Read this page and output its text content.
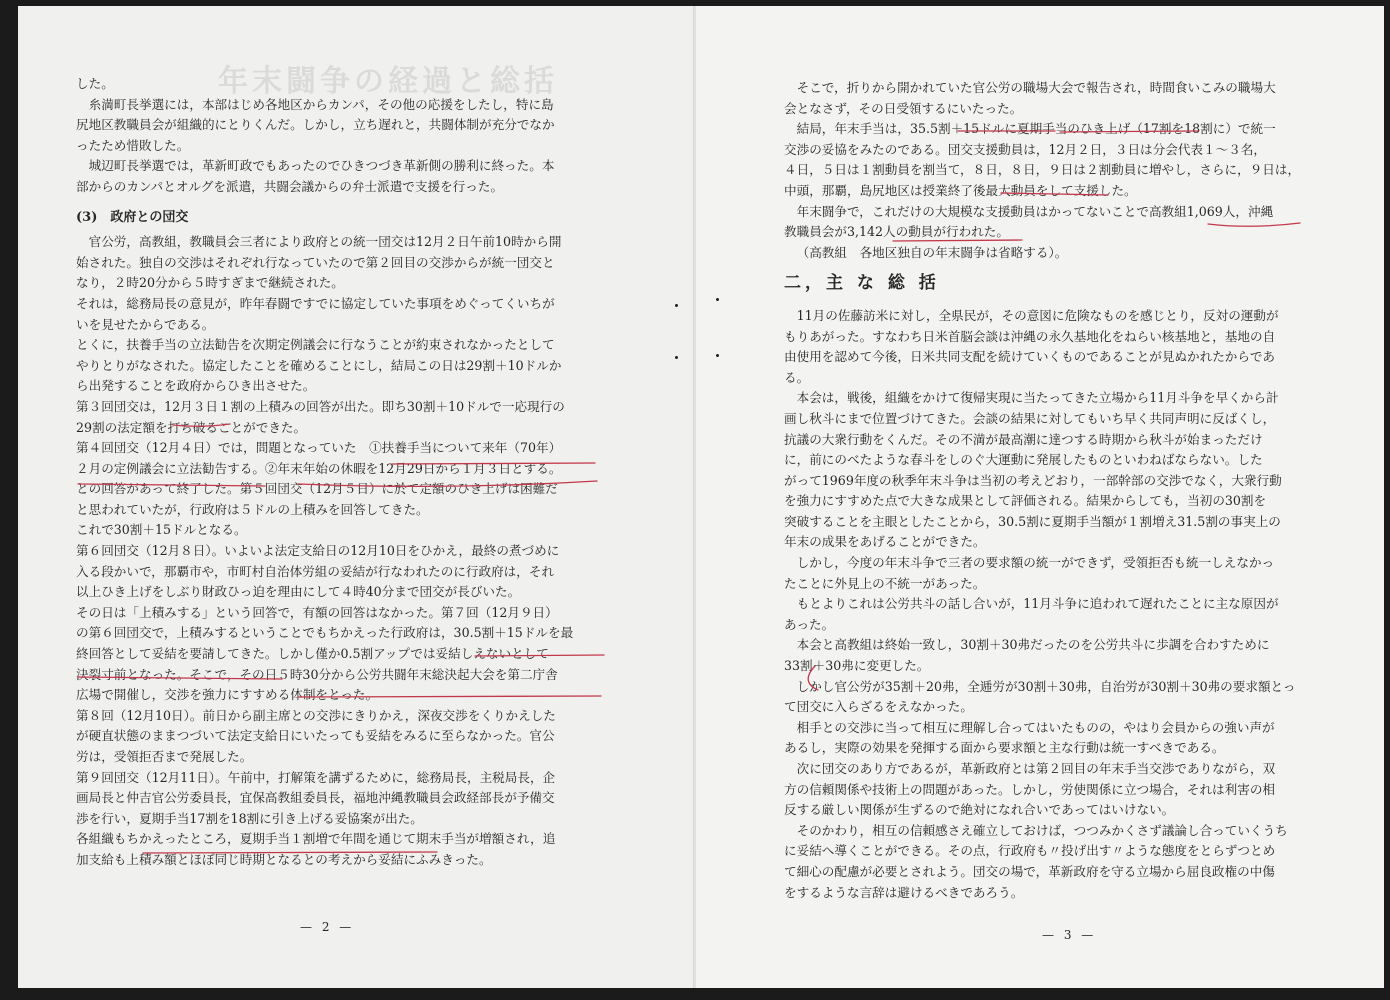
年末闘争の経過と総括

した。

糸満町長挙選には，本部はじめ各地区からカンパ，その他の応援をしたし，特に島

尻地区教職員会が組織的にとりくんだ。しかし，立ち遅れと，共闘体制が充分でなか

ったため惜敗した。

城辺町長挙選では，革新町政でもあったのでひきつづき革新側の勝利に終った。本

部からのカンパとオルグを派遣，共闘会議からの弁士派遣で支援を行った。

(3)　政府との団交

官公労，高教組，教職員会三者により政府との統一団交は12月２日午前10時から開

始された。独自の交渉はそれぞれ行なっていたので第２回目の交渉からが統一団交と

なり，２時20分から５時すぎまで継続された。

それは，総務局長の意見が，昨年春闘ですでに協定していた事項をめぐってくいちが

いを見せたからである。

とくに，扶養手当の立法勧告を次期定例議会に行なうことが約束されなかったとして

やりとりがなされた。協定したことを確めることにし，結局この日は29割＋10ドルか

ら出発することを政府からひき出させた。

第３回団交は，12月３日１割の上積みの回答が出た。即ち30割＋10ドルで一応現行の

29割の法定額を打ち破ることができた。

第４回団交（12月４日）では，問題となっていた　①扶養手当について来年（70年）

２月の定例議会に立法勧告する。②年末年始の休暇を12月29日から１月３日とする。

との回答があって終了した。第５回団交（12月５日）に於て定額のひき上げは困難だ

と思われていたが，行政府は５ドルの上積みを回答してきた。

これで30割＋15ドルとなる。

第６回団交（12月８日）。いよいよ法定支給日の12月10日をひかえ，最終の煮づめに

入る段かいで，那覇市や，市町村自治体労組の妥結が行なわれたのに行政府は，それ

以上ひき上げをしぶり財政ひっ迫を理由にして４時40分まで団交が長びいた。

その日は「上積みする」という回答で，有額の回答はなかった。第７回（12月９日）

の第６回団交で，上積みするということでもちかえった行政府は，30.5割＋15ドルを最

終回答として妥結を要請してきた。しかし僅か0.5割アップでは妥結しえないとして

決裂寸前となった。そこで，その日５時30分から公労共闘年末総決起大会を第二庁舎

広場で開催し，交渉を強力にすすめる体制をとった。

第８回（12月10日）。前日から副主席との交渉にきりかえ，深夜交渉をくりかえした

が硬直状態のままつづいて法定支給日にいたっても妥結をみるに至らなかった。官公

労は，受領拒否まで発展した。

第９回団交（12月11日）。午前中，打解策を講ずるために，総務局長，主税局長，企

画局長と仲吉官公労委員長，宜保高教組委員長，福地沖縄教職員会政経部長が予備交

渉を行い，夏期手当17割を18割に引き上げる妥協案が出た。

各組織もちかえったところ，夏期手当１割増で年間を通じて期末手当が増額され，追

加支給も上積み額とほぼ同じ時期となるとの考えから妥結にふみきった。

— 2 —

そこで，折りから開かれていた官公労の職場大会で報告され，時間食いこみの職場大

会となさず，その日受領するにいたった。

結局，年末手当は，35.5割＋15ドルに夏期手当のひき上げ（17割を18割に）で統一

交渉の妥協をみたのである。団交支援動員は，12月２日，３日は分会代表１～３名，

４日，５日は１割動員を割当て，８日，８日，９日は２割動員に増やし，さらに，９日は，

中頭，那覇，島尻地区は授業終了後最大動員をして支援した。

年末闘争で，これだけの大規模な支援動員はかってないことで高教組1,069人，沖縄

教職員会が3,142人の動員が行われた。

（高教組　各地区独自の年末闘争は省略する）。

二，主 な 総 括

11月の佐藤訪米に対し，全県民が，その意図に危険なものを感じとり，反対の運動が

もりあがった。すなわち日米首脳会談は沖縄の永久基地化をねらい核基地と，基地の自

由使用を認めて今後，日米共同支配を続けていくものであることが見ぬかれたからであ

る。

本会は，戦後，組織をかけて復帰実現に当たってきた立場から11月斗争を早くから計

画し秋斗にまで位置づけてきた。会談の結果に対してもいち早く共同声明に反ばくし，

抗議の大衆行動をくんだ。その不満が最高潮に達つする時期から秋斗が始まっただけ

に，前にのべたような春斗をしのぐ大運動に発展したものといわねばならない。した

がって1969年度の秋季年末斗争は当初の考えどおり，一部幹部の交渉でなく，大衆行動

を強力にすすめた点で大きな成果として評価される。結果からしても，当初の30割を

突破することを主眼としたことから，30.5割に夏期手当額が１割増え31.5割の事実上の

年末の成果をあげることができた。

しかし，今度の年末斗争で三者の要求額の統一ができず，受領拒否も統一しえなかっ

たことに外見上の不統一があった。

もとよりこれは公労共斗の話し合いが，11月斗争に追われて遅れたことに主な原因が

あった。

本会と高教組は終始一致し，30割＋30弗だったのを公労共斗に歩調を合わすために

33割＋30弗に変更した。

しかし官公労が35割＋20弗，全逓労が30割＋30弗，自治労が30割＋30弗の要求額とっ

て団交に入らざるをえなかった。

相手との交渉に当って相互に理解し合ってはいたものの，やはり会員からの強い声が

あるし，実際の効果を発揮する面から要求額と主な行動は統一すべきである。

次に団交のあり方であるが，革新政府とは第２回目の年末手当交渉でありながら，双

方の信頼関係や技術上の問題があった。しかし，労使関係に立つ場合，それは利害の相

反する厳しい関係が生ずるので絶対になれ合いであってはいけない。

そのかわり，相互の信頼感さえ確立しておけば，つつみかくさず議論し合っていくうち

に妥結へ導くことができる。その点，行政府も〃投げ出す〃ような態度をとらずつとめ

て細心の配慮が必要とされよう。団交の場で，革新政府を守る立場から屈良政権の中傷

をするような言辞は避けるべきであろう。

— 3 —
